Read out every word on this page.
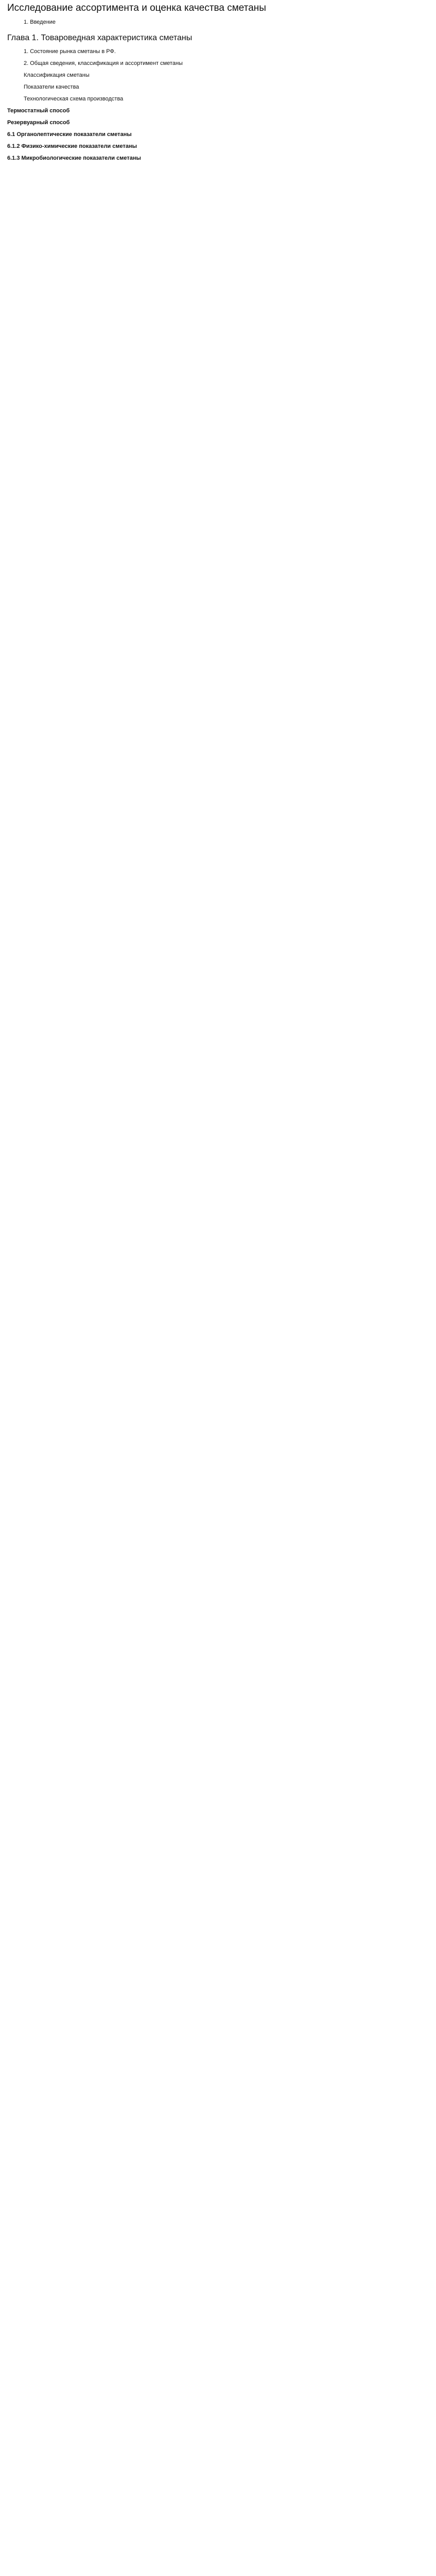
Исследование ассортимента и оценка качества сметаны

1. Введение

Глава 1. Товароведная характеристика сметаны

1. Состояние рынка сметаны в РФ.

2. Общая сведения, классификация и ассортимент сметаны

Классификация сметаны

Показатели качества

Технологическая схема производства

Термостатный способ

Резервуарный способ

6.1 Органолептические показатели сметаны

6.1.2 Физико-химические показатели сметаны

6.1.3 Микробиологические показатели сметаны
